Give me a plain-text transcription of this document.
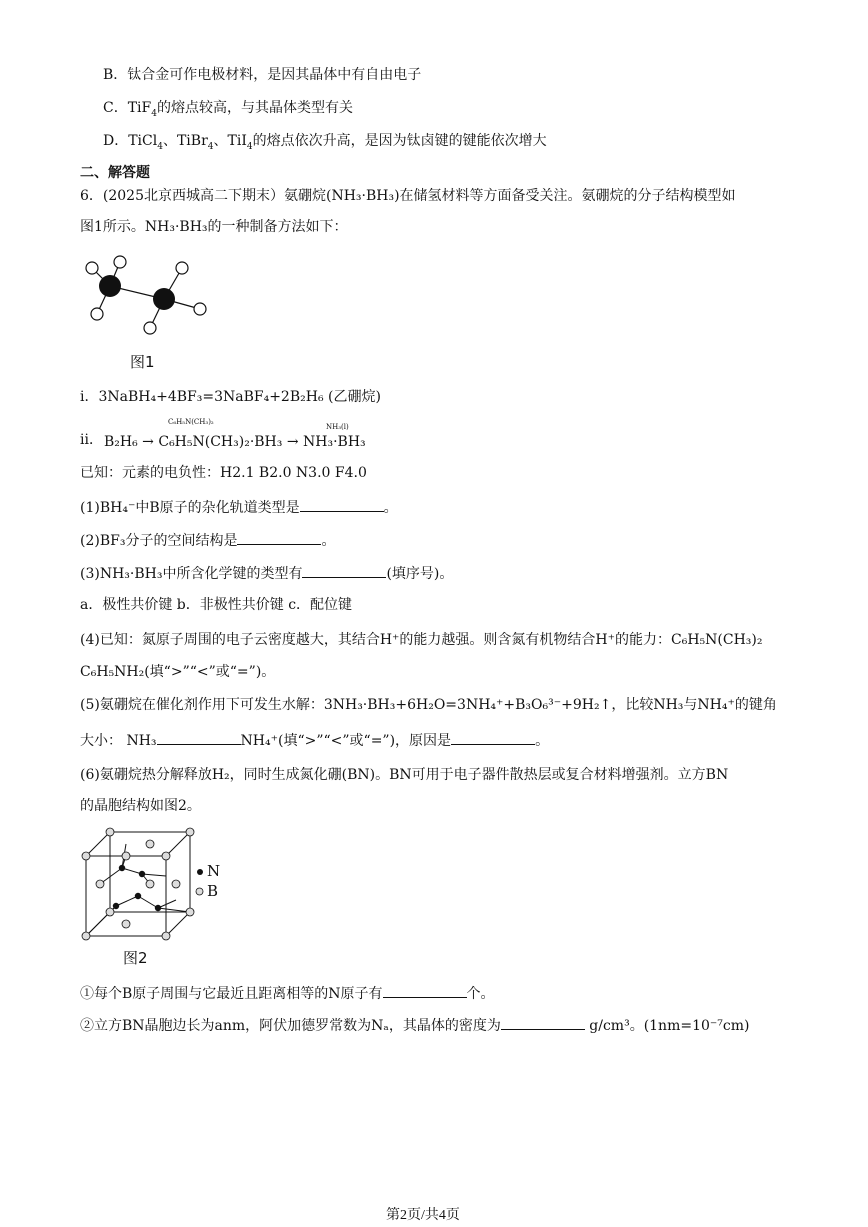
B．钛合金可作电极材料，是因其晶体中有自由电子
C．TiF$_4$的熔点较高，与其晶体类型有关
D．TiCl$_4$、TiBr$_4$、TiI$_4$的熔点依次升高，是因为钛卤键的键能依次增大
二、解答题
6．(2025北京西城高二下期末）氨硼烷(NH₃·BH₃)在储氢材料等方面备受关注。氨硼烷的分子结构模型如
图1所示。NH₃·BH₃的一种制备方法如下：
图1
i．3NaBH₄+4BF₃=3NaBF₄+2B₂H₆ (乙硼烷)
ii． B₂H₆ → C₆H₅N(CH₃)₂·BH₃ → NH₃·BH₃
C₆H₅N(CH₃)₂
NH₃(l)
已知：元素的电负性：H2.1 B2.0 N3.0 F4.0
(1)BH₄⁻中B原子的杂化轨道类型是	。
(2)BF₃分子的空间结构是	。
(3)NH₃·BH₃中所含化学键的类型有	(填序号)。
a．极性共价键 b．非极性共价键 c．配位键
(4)已知：氮原子周围的电子云密度越大，其结合H⁺的能力越强。则含氮有机物结合H⁺的能力：C₆H₅N(CH₃)₂
C₆H₅NH₂(填“>”“<”或“=”)。
(5)氨硼烷在催化剂作用下可发生水解：3NH₃·BH₃+6H₂O=3NH₄⁺+B₃O₆³⁻+9H₂↑，比较NH₃与NH₄⁺的键角
大小： NH₃	NH₄⁺(填“>”“<”或“=”)，原因是	。
(6)氨硼烷热分解释放H₂，同时生成氮化硼(BN)。BN可用于电子器件散热层或复合材料增强剂。立方BN
的晶胞结构如图2。
N
B
图2
①每个B原子周围与它最近且距离相等的N原子有	个。
②立方BN晶胞边长为anm，阿伏加德罗常数为Nₐ，其晶体的密度为	g/cm³。(1nm=10⁻⁷cm)
第2页/共4页
